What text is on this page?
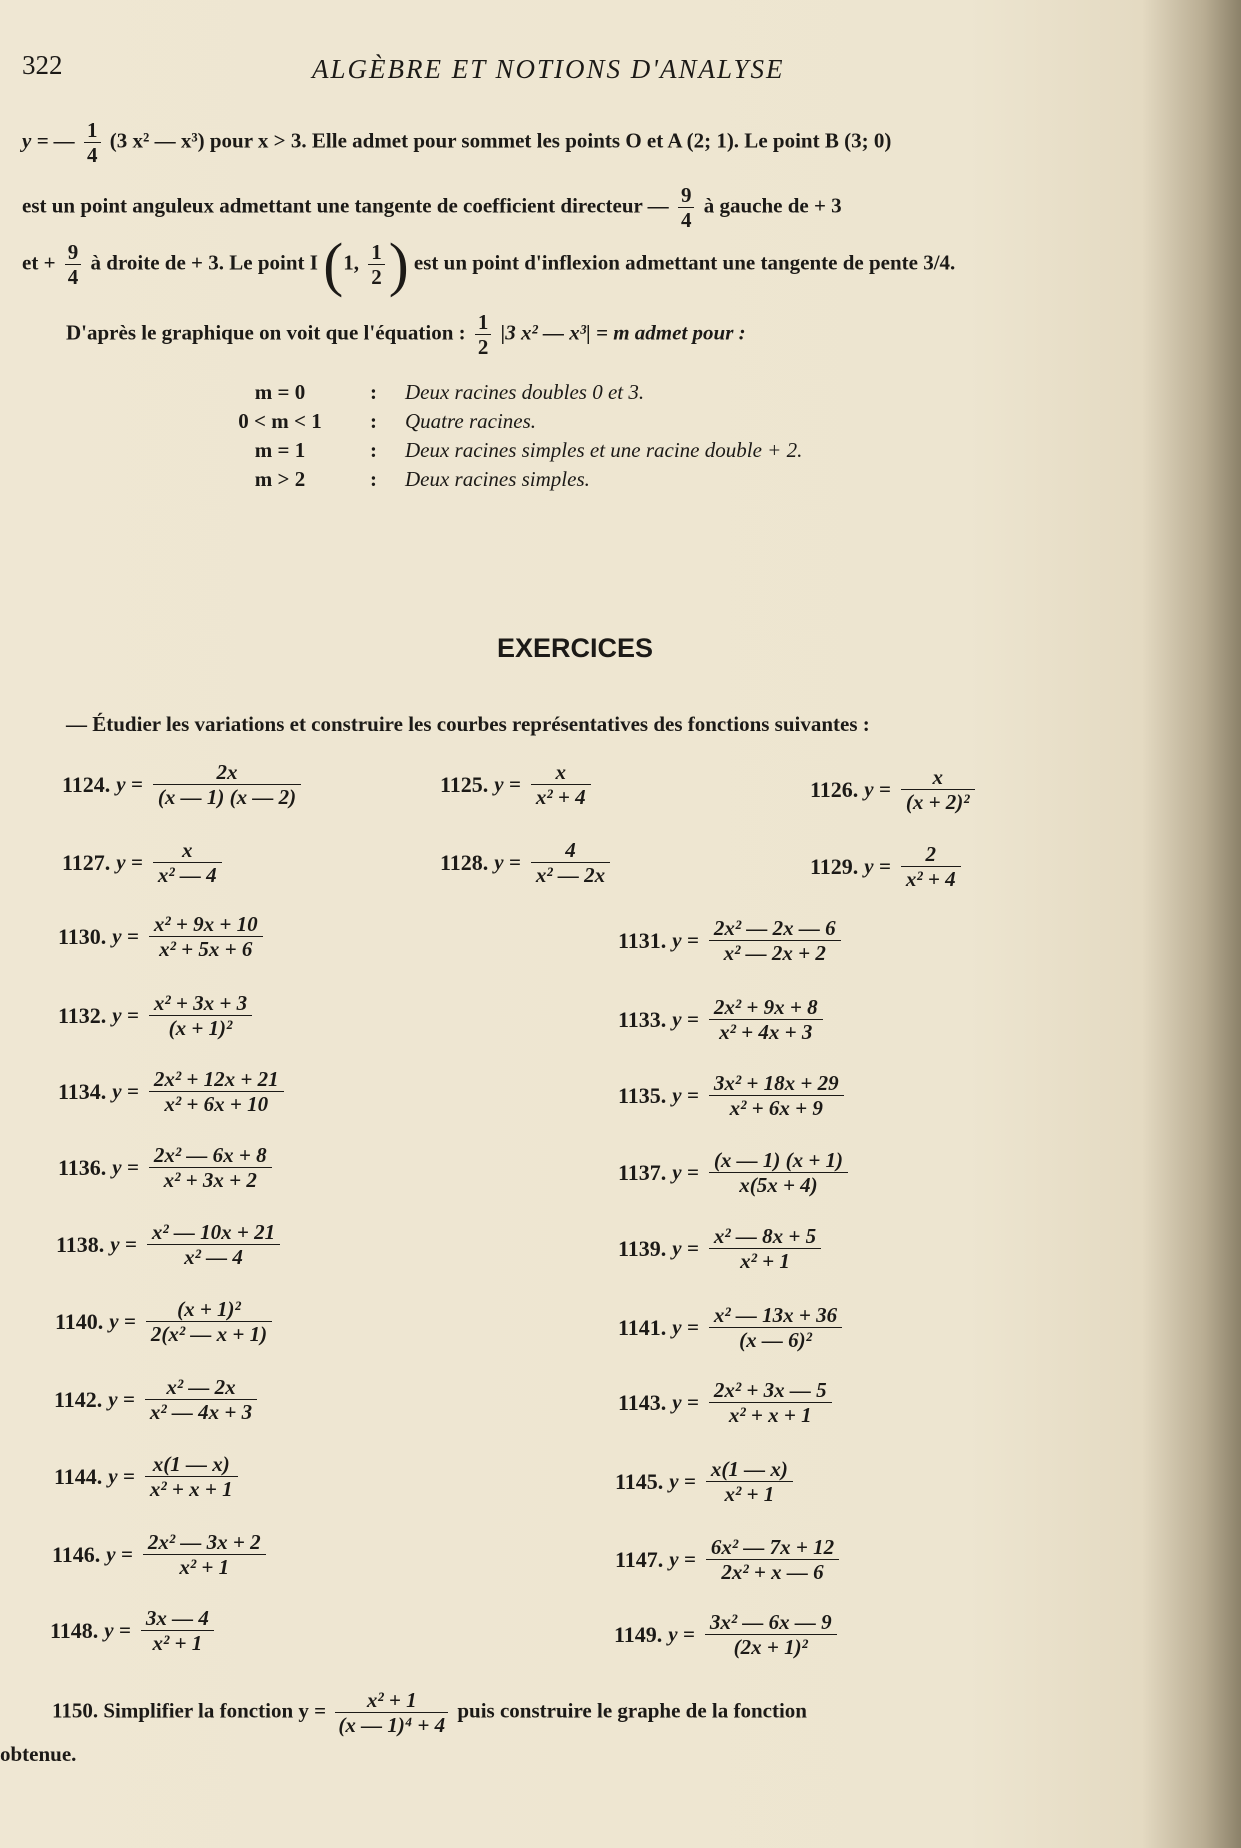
322	ALGÈBRE ET NOTIONS D'ANALYSE
y = — $\frac{1}{4} (3$ x² — x³) pour x > 3. Elle admet pour sommet les points O et A (2; 1). Le point B (3; 0)
est un point anguleux admettant une tangente de coefficient directeur — $\frac{9}{4}$ à gauche de + 3
et + $\frac{9}{4}$ à droite de + 3. Le point I (1, $\frac{1}{2}$ ) est un point d'inflexion admettant une tangente de pente 3/4.
D'après le graphique on voit que l'équation : $\frac{1}{2} |3$ x² — x³| = m admet pour :
m = 0	: Deux racines doubles 0 et 3.
0 < m < 1	: Quatre racines.
m = 1	: Deux racines simples et une racine double + 2.
m > 2	: Deux racines simples.
EXERCICES
— Étudier les variations et construire les courbes représentatives des fonctions suivantes :
1124. $y = \frac{2x}{(x — 1) (x — 2)}$	1125. $y = \frac{x}{\text{x² + 4}}$	1126. $y = \frac{x}{\text{(x + 2)²}}$
1127. $y = \frac{x}{\text{x² — 4}}$	1128. $y = \frac{4}{\text{x² — 2x}}$	1129. $y = \frac{2}{\text{x² + 4}}$
1130. $y = \frac{\text{x² + 9x + 10}}{\text{x² + 5x + 6}}$	1131. $y = \frac{\text{2x² — 2x — 6}}{\text{x² — 2x + 2}}$
1132. $y = \frac{\text{x² + 3x + 3}}{\text{(x + 1)²}}$	1133. $y = \frac{\text{2x² + 9x + 8}}{\text{x² + 4x + 3}}$
1134. $y = \frac{\text{2x² + 12x + 21}}{\text{x² + 6x + 10}}$	1135. $y = \frac{\text{3x² + 18x + 29}}{\text{x² + 6x + 9}}$
1136. $y = \frac{\text{2x² — 6x + 8}}{\text{x² + 3x + 2}}$	1137. $y = \frac{(x — 1) (x + 1)}{x(5x + 4)}$
1138. $y = \frac{\text{x² — 10x + 21}}{\text{x² — 4}}$	1139. $y = \frac{\text{x² — 8x + 5}}{\text{x² + 1}}$
1140. $y = \frac{\text{(x + 1)²}}{\text{2(x² — x + 1)}}$	1141. $y = \frac{\text{x² — 13x + 36}}{\text{(x — 6)²}}$
1142. $y = \frac{\text{x² — 2x}}{\text{x² — 4x + 3}}$	1143. $y = \frac{\text{2x² + 3x — 5}}{\text{x² + x + 1}}$
1144. $y = \frac{x(1 — x)}{\text{x² + x + 1}}$	1145. $y = \frac{x(1 — x)}{\text{x² + 1}}$
1146. $y = \frac{\text{2x² — 3x + 2}}{\text{x² + 1}}$	1147. $y = \frac{\text{6x² — 7x + 12}}{\text{2x² + x — 6}}$
1148. $y = \frac{3x — 4}{\text{x² + 1}}$	1149. $y = \frac{\text{3x² — 6x — 9}}{\text{(2x + 1)²}}$
1150. Simplifier la fonction $y = \frac{\text{x² + 1}}{\text{(x — 1)⁴ + 4}}$ puis construire le graphe de la fonction
obtenue.
